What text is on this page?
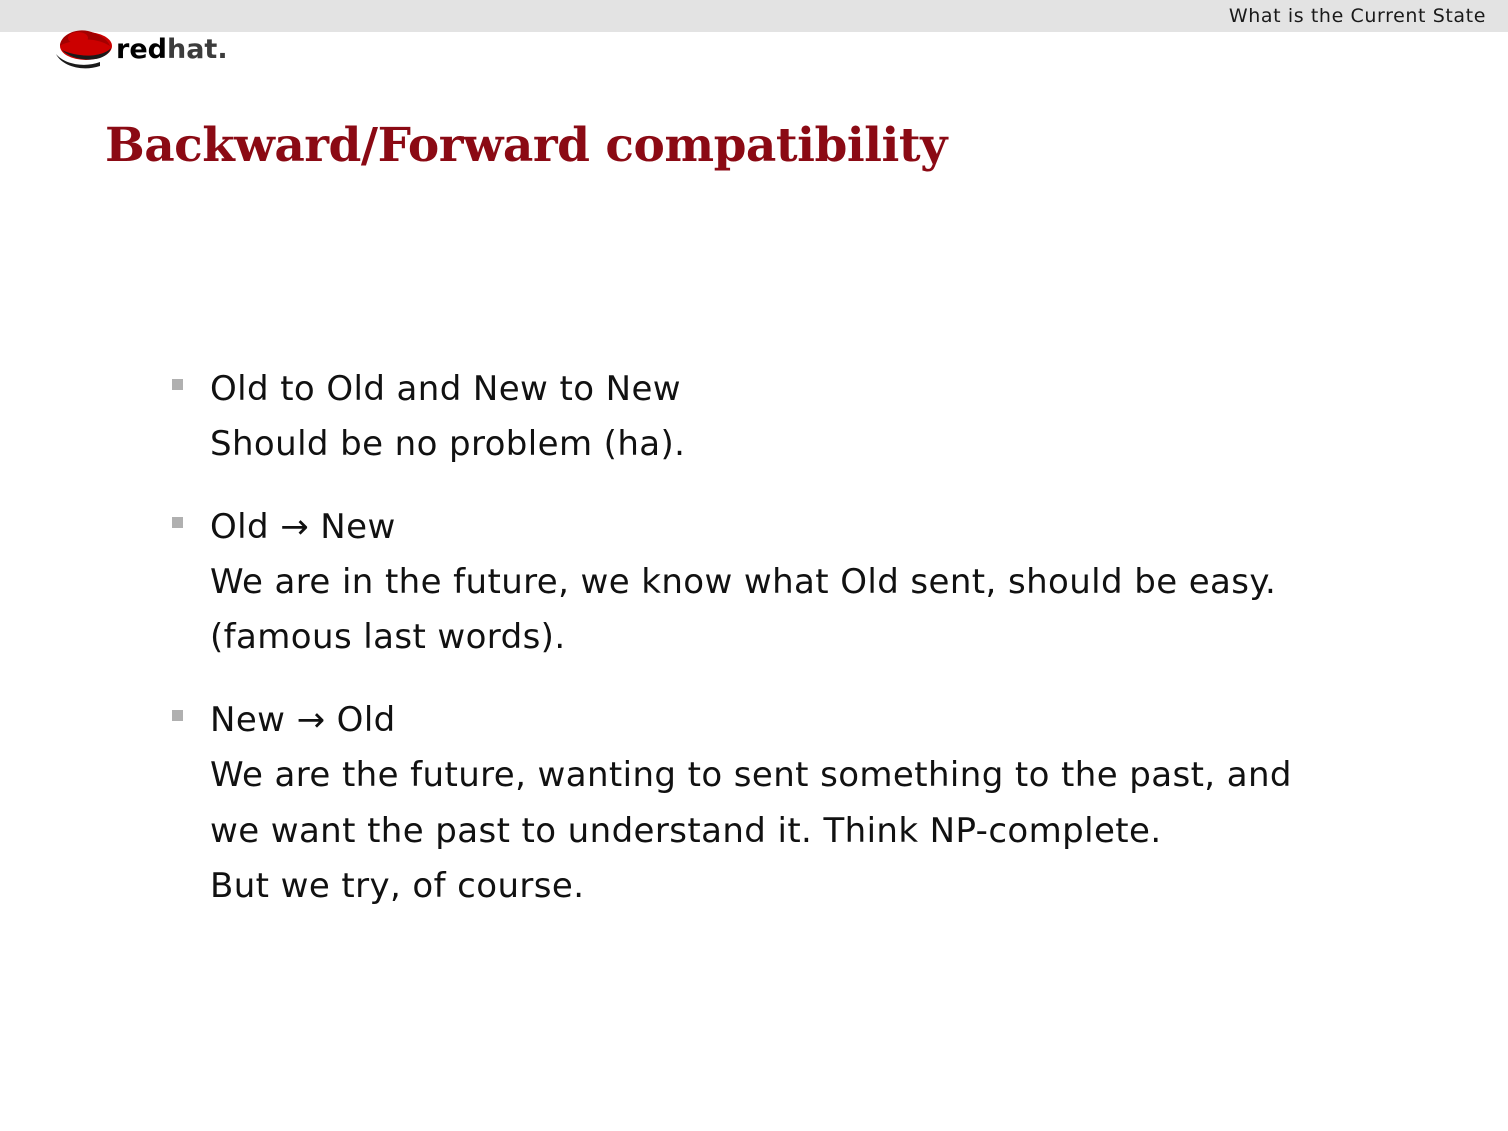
What is the Current State
redhat.
Backward/Forward compatibility
Old to Old and New to New
Should be no problem (ha).
Old → New
We are in the future, we know what Old sent, should be easy.
(famous last words).
New → Old
We are the future, wanting to sent something to the past, and
we want the past to understand it. Think NP-complete.
But we try, of course.
